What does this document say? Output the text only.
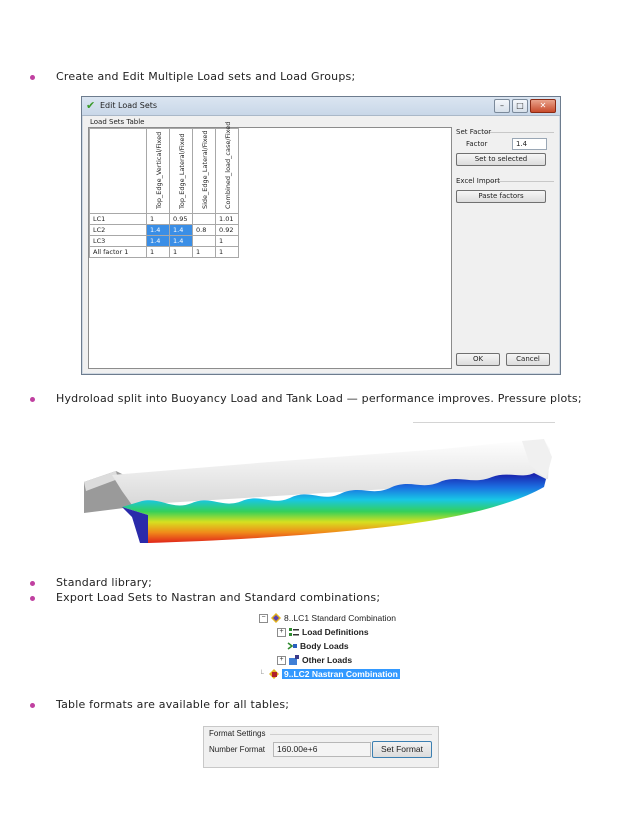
Create and Edit Multiple Load sets and Load Groups;
✔ Edit Load Sets	–	□	✕
Load Sets Table

	Top_Edge_Vertical/Fixed	Top_Edge_Lateral/Fixed	Side_Edge_Lateral/Fixed	Combined_load_case/Fixed

LC1	1	0.95		1.01
LC2	1.4	1.4	0.8	0.92
LC3	1.4	1.4		1
All factor 1	1	1	1	1
Set Factor
Factor	1.4
Set to selected
Excel Import
Paste factors
OK	Cancel
Hydroload split into Buoyancy Load and Tank Load — performance improves. Pressure plots;
Standard library;
Export Load Sets to Nastran and Standard combinations;
− 8..LC1 Standard Combination
+ Load Definitions
Body Loads
+ Other Loads
└	9..LC2 Nastran Combination
Table formats are available for all tables;
Format Settings
Number Format	160.00e+6	Set Format
